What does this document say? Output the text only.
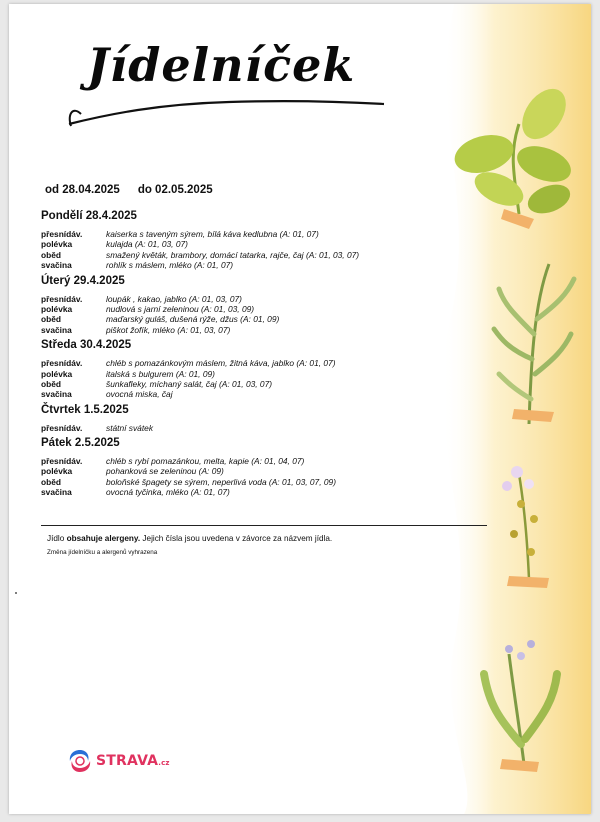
Jídelníček
od 28.04.2025 do 02.05.2025
Pondělí 28.4.2025
přesnídáv.	kaiserka s taveným sýrem, bílá káva kedlubna (A: 01, 07)
polévka	kulajda (A: 01, 03, 07)
oběd	smažený květák, brambory, domácí tatarka, rajče, čaj (A: 01, 03, 07)
svačina	rohlík s máslem, mléko (A: 01, 07)
Úterý 29.4.2025
přesnídáv.	loupák , kakao, jablko (A: 01, 03, 07)
polévka	nudlová s jarní zeleninou (A: 01, 03, 09)
oběd	maďarský guláš, dušená rýže, džus (A: 01, 09)
svačina	piškot žofík, mléko (A: 01, 03, 07)
Středa 30.4.2025
přesnídáv.	chléb s pomazánkovým máslem, žitná káva, jablko (A: 01, 07)
polévka	italská s bulgurem (A: 01, 09)
oběd	šunkafleky, míchaný salát, čaj (A: 01, 03, 07)
svačina	ovocná miska, čaj
Čtvrtek 1.5.2025
přesnídáv.	státní svátek
Pátek 2.5.2025
přesnídáv.	chléb s rybí pomazánkou, melta, kapie (A: 01, 04, 07)
polévka	pohanková se zeleninou (A: 09)
oběd	boloňské špagety se sýrem, neperlivá voda (A: 01, 03, 07, 09)
svačina	ovocná tyčinka, mléko (A: 01, 07)
Jídlo obsahuje alergeny. Jejich čísla jsou uvedena v závorce za názvem jídla.
Změna jídelníčku a alergenů vyhrazena
STRAVA.cz
